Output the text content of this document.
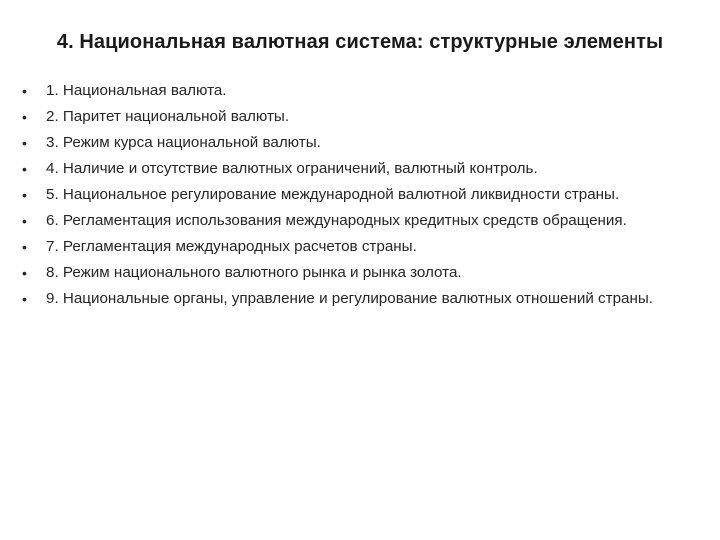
4. Национальная валютная система: структурные элементы
• 1. Национальная валюта.
• 2. Паритет национальной валюты.
• 3. Режим курса национальной валюты.
• 4. Наличие и отсутствие валютных ограничений, валютный контроль.
• 5. Национальное регулирование международной валютной ликвидности страны.
• 6. Регламентация использования международных кредитных средств обращения.
• 7. Регламентация международных расчетов страны.
• 8. Режим национального валютного рынка и рынка золота.
• 9. Национальные органы, управление и регулирование валютных отношений страны.
